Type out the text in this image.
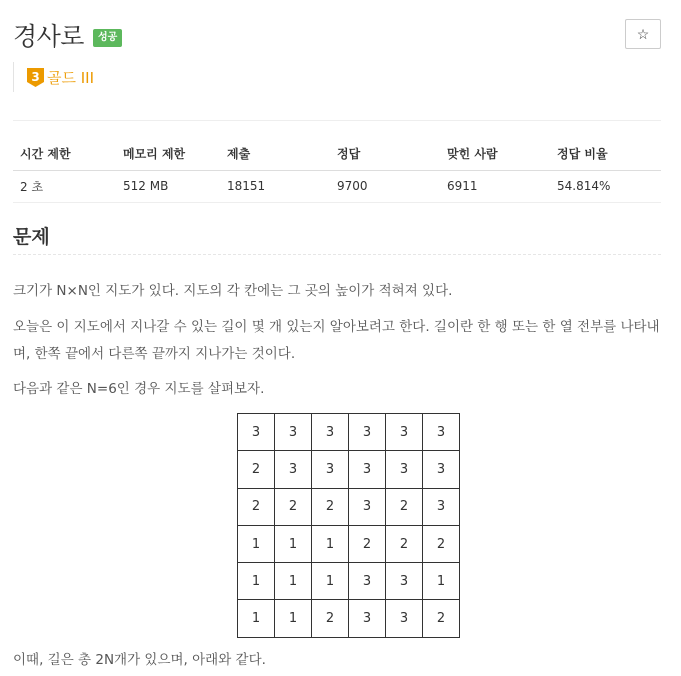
경사로	성공	☆
3 골드 III
시간 제한	메모리 제한	제출	정답	맞힌 사람	정답 비율
2 초	512 MB	18151	9700	6911	54.814%
문제

크기가 N×N인 지도가 있다. 지도의 각 칸에는 그 곳의 높이가 적혀져 있다.

오늘은 이 지도에서 지나갈 수 있는 길이 몇 개 있는지 알아보려고 한다. 길이란 한 행 또는 한 열 전부를 나타내

며, 한쪽 끝에서 다른쪽 끝까지 지나가는 것이다.

다음과 같은 N=6인 경우 지도를 살펴보자.

3	3	3	3	3	3
2	3	3	3	3	3
2	2	2	3	2	3
1	1	1	2	2	2
1	1	1	3	3	1
1	1	2	3	3	2

이때, 길은 총 2N개가 있으며, 아래와 같다.
